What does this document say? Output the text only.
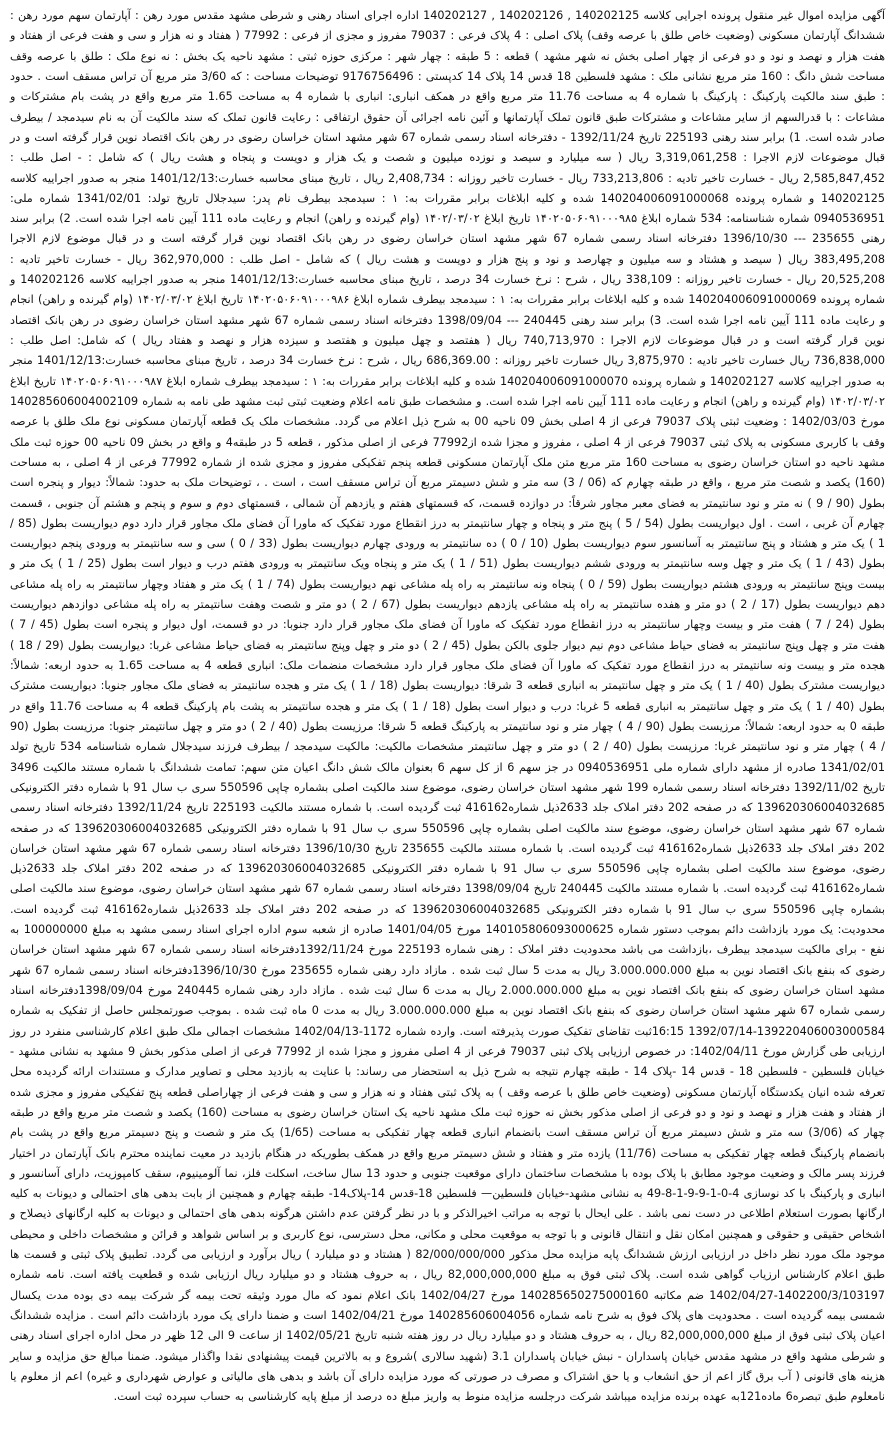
آگهی مزایده اموال غیر منقول پرونده اجرایی کلاسه 140202125 , 140202126 , 140202127 اداره اجرای اسناد رهنی و شرطی مشهد مقدس مورد رهن : آپارتمان سهم مورد رهن : ششدانگ آپارتمان مسکونی (وضعیت خاص طلق با عرصه وقف) پلاک اصلی : 4 پلاک فرعی : 79037 مفروز و مجزی از فرعی : 77992 ( هفتاد و نه هزار و سی و هفت فرعی از هفتاد و هفت هزار و نهصد و نود و دو فرعی از چهار اصلی بخش نه شهر مشهد ) قطعه : 5 طبقه : چهار شهر : مرکزی حوزه ثبتی : مشهد ناحیه یک بخش : نه نوع ملک : طلق با عرصه وقف مساحت شش دانگ : 160 متر مربع نشانی ملک : مشهد فلسطین 18 قدس 14 پلاک 14 کدپستی : 9176756496 توضیحات مساحت : که 3/60 متر مربع آن تراس مسقف است . حدود : طبق سند مالکیت پارکینگ : پارکینگ با شماره 4 به مساحت 11.76 متر مربع واقع در همکف انباری: انباری با شماره 4 به مساحت 1.65 متر مربع واقع در پشت بام مشترکات و مشاعات : با قدرالسهم از سایر مشاعات و مشترکات طبق قانون تملک آپارتمانها و آئین نامه اجرائی آن حقوق ارتفاقی : رعایت قانون تملک که سند مالکیت آن به نام سیدمجد / بیطرف صادر شده است. 1) برابر سند رهنی 225193 تاریخ 1392/11/24 - دفترخانه اسناد رسمی شماره 67 شهر مشهد استان خراسان رضوی در رهن بانک اقتصاد نوین قرار گرفته است و در قبال موضوعات لازم الاجرا : 3,319,061,258 ریال ( سه میلیارد و سیصد و نوزده میلیون و شصت و یک هزار و دویست و پنجاه و هشت ریال ) که شامل : - اصل طلب : 2,585,847,452 ریال - خسارت تاخیر تادیه : 733,213,806 ریال - خسارت تاخیر روزانه : 2,408,734 ریال ، تاریخ مبنای محاسبه خسارت:1401/12/13 منجر به صدور اجراییه کلاسه 140202125 و شماره پرونده 140204006091000068 شده و کلیه ابلاغات برابر مقررات به: ۱ : سیدمجد بیطرف نام پدر: سیدجلال تاریخ تولد: 1341/02/01 شماره ملی: 0940536951 شماره شناسنامه: 534 شماره ابلاغ ۱۴۰۲۰۵۰۶۰۹۱۰۰۰۹۸۵ تاریخ ابلاغ ۱۴۰۲/۰۳/۰۲ (وام گیرنده و راهن) انجام و رعایت ماده 111 آیین نامه اجرا شده است. 2) برابر سند رهنی 235655 --- 1396/10/30 دفترخانه اسناد رسمی شماره 67 شهر مشهد استان خراسان رضوی در رهن بانک اقتصاد نوین قرار گرفته است و در قبال موضوع لازم الاجرا 383,495,208 ریال ( سیصد و هشتاد و سه میلیون و چهارصد و نود و پنج هزار و دویست و هشت ریال ) که شامل - اصل طلب : 362,970,000 ریال - خسارت تاخیر تادیه : 20,525,208 ریال - خسارت تاخیر روزانه : 338,109 ریال ، شرح : نرخ خسارت 34 درصد ، تاریخ مبنای محاسبه خسارت:1401/12/13 منجر به صدور اجراییه کلاسه 140202126 و شماره پرونده 140204006091000069 شده و کلیه ابلاغات برابر مقررات به: ۱ : سیدمجد بیطرف شماره ابلاغ ۱۴۰۲۰۵۰۶۰۹۱۰۰۰۹۸۶ تاریخ ابلاغ ۱۴۰۲/۰۳/۰۲ (وام گیرنده و راهن) انجام و رعایت ماده 111 آیین نامه اجرا شده است. 3) برابر سند رهنی 240445 --- 1398/09/04 دفترخانه اسناد رسمی شماره 67 شهر مشهد استان خراسان رضوی در رهن بانک اقتصاد نوین قرار گرفته است و در قبال موضوعات لازم الاجرا : 740,713,970 ریال ( هفتصد و چهل میلیون و هفتصد و سیزده هزار و نهصد و هفتاد ریال ) که شامل: اصل طلب : 736,838,000 ریال خسارت تاخیر تادیه : 3,875,970 ریال خسارت تاخیر روزانه : 686,369.00 ریال ، شرح : نرخ خسارت 34 درصد ، تاریخ مبنای محاسبه خسارت:1401/12/13 منجر به صدور اجراییه کلاسه 140202127 و شماره پرونده 140204006091000070 شده و کلیه ابلاغات برابر مقررات به: ۱ : سیدمجد بیطرف شماره ابلاغ ۱۴۰۲۰۵۰۶۰۹۱۰۰۰۹۸۷ تاریخ ابلاغ ۱۴۰۲/۰۳/۰۲ (وام گیرنده و راهن) انجام و رعایت ماده 111 آیین نامه اجرا شده است. و مشخصات طبق نامه اعلام وضعیت ثبتی ثبت مشهد طی نامه به شماره 140285606004002109 مورخ 1402/03/03 : وضعیت ثبتی پلاک 79037 فرعی از 4 اصلی بخش 09 ناحیه 00 به شرح ذیل اعلام می گردد. مشخصات ملک یک قطعه آپارتمان مسکونی نوع ملک طلق با عرصه وقف با کاربری مسکونی به پلاک ثبتی 79037 فرعی از 4 اصلی ، مفروز و مجزا شده از77992 فرعی از اصلی مذکور ، قطعه 5 در طبقه4 و واقع در بخش 09 ناحیه 00 حوزه ثبت ملک مشهد ناحیه دو استان خراسان رضوی به مساحت 160 متر مربع متن ملک آپارتمان مسکونی قطعه پنجم تفکیکی مفروز و مجزی شده از شماره 77992 فرعی از 4 اصلی ، به مساحت (160) یکصد و شصت متر مربع ، واقع در طبقه چهارم که (06 / 3) سه متر و شش دسیمتر مربع آن تراس مسقف است ، است . ، توضیحات ملک به حدود: شمالاً: دیوار و پنجره است بطول (90 / 9 ) نه متر و نود سانتیمتر به فضای معبر مجاور شرقاً: در دوازده قسمت، که قسمتهای هفتم و یازدهم آن شمالی ، قسمتهای دوم و سوم و پنجم و هشتم آن جنوبی ، قسمت چهارم آن غربی ، است . اول دیواریست بطول (54 / 5 ) پنج متر و پنجاه و چهار سانتیمتر به درز انقطاع مورد تفکیک که ماورا آن فضای ملک مجاور قرار دارد دوم دیواریست بطول (85 / 1 ) یک متر و هشتاد و پنج سانتیمتر به آسانسور سوم دیواریست بطول (10 / 0 ) ده سانتیمتر به ورودی چهارم دیواریست بطول (33 / 0 ) سی و سه سانتیمتر به ورودی پنجم دیواریست بطول (43 / 1 ) یک متر و چهل وسه سانتیمتر به ورودی ششم دیواریست بطول (51 / 1 ) یک متر و پنجاه ویک سانتیمتر به ورودی هفتم درب و دیوار است بطول (25 / 1 ) یک متر و بیست وپنج سانتیمتر به ورودی هشتم دیواریست بطول (59 / 0 ) پنجاه ونه سانتیمتر به راه پله مشاعی نهم دیواریست بطول (74 / 1 ) یک متر و هفتاد وچهار سانتیمتر به راه پله مشاعی دهم دیواریست بطول (17 / 2 ) دو متر و هفده سانتیمتر به راه پله مشاعی یازدهم دیواریست بطول (67 / 2 ) دو متر و شصت وهفت سانتیمتر به راه پله مشاعی دوازدهم دیواریست بطول (24 / 7 ) هفت متر و بیست وچهار سانتیمتر به درز انقطاع مورد تفکیک که ماورا آن فضای ملک مجاور قرار دارد جنوبا: در دو قسمت، اول دیوار و پنجره است بطول (45 / 7 ) هفت متر و چهل وپنج سانتیمتر به فضای حیاط مشاعی دوم نیم دیوار جلوی بالکن بطول (45 / 2 ) دو متر و چهل وپنج سانتیمتر به فضای حیاط مشاعی غربا: دیواریست بطول (29 / 18 ) هجده متر و بیست ونه سانتیمتر به درز انقطاع مورد تفکیک که ماورا آن فضای ملک مجاور قرار دارد مشخصات منضمات ملک: انباری قطعه 4 به مساحت 1.65 به حدود اربعه: شمالاً: دیواریست مشترک بطول (40 / 1 ) یک متر و چهل سانتیمتر به انباری قطعه 3 شرقا: دیواریست بطول (18 / 1 ) یک متر و هجده سانتیمتر به فضای ملک مجاور جنوبا: دیواریست مشترک بطول (40 / 1 ) یک متر و چهل سانتیمتر به انباری قطعه 5 غربا: درب و دیوار است بطول (18 / 1 ) یک متر و هجده سانتیمتر به پشت بام پارکینگ قطعه 4 به مساحت 11.76 واقع در طبقه 0 به حدود اربعه: شمالاً: مرزیست بطول (90 / 4 ) چهار متر و نود سانتیمتر به پارکینگ قطعه 5 شرقا: مرزیست بطول (40 / 2 ) دو متر و چهل سانتیمتر جنوبا: مرزیست بطول (90 / 4 ) چهار متر و نود سانتیمتر غربا: مرزیست بطول (40 / 2 ) دو متر و چهل سانتیمتر مشخصات مالکیت: مالکیت سیدمجد / بیطرف فرزند سیدجلال شماره شناسنامه 534 تاریخ تولد 1341/02/01 صادره از مشهد دارای شماره ملی 0940536951 در جز سهم 6 از کل سهم 6 بعنوان مالک شش دانگ اعیان متن سهم: تمامت ششدانگ با شماره مستند مالکیت 3496 تاریخ 1392/11/02 دفترخانه اسناد رسمی شماره 199 شهر مشهد استان خراسان رضوی، موضوع سند مالکیت اصلی بشماره چاپی 550596 سری ب سال 91 با شماره دفتر الکترونیکی 139620306004032685 که در صفحه 202 دفتر املاک جلد 2633ذیل شماره416162 ثبت گردیده است. با شماره مستند مالکیت 225193 تاریخ 1392/11/24 دفترخانه اسناد رسمی شماره 67 شهر مشهد استان خراسان رضوی، موضوع سند مالکیت اصلی بشماره چاپی 550596 سری ب سال 91 با شماره دفتر الکترونیکی 139620306004032685 که در صفحه 202 دفتر املاک جلد 2633ذیل شماره416162 ثبت گردیده است. با شماره مستند مالکیت 235655 تاریخ 1396/10/30 دفترخانه اسناد رسمی شماره 67 شهر مشهد استان خراسان رضوی، موضوع سند مالکیت اصلی بشماره چاپی 550596 سری ب سال 91 با شماره دفتر الکترونیکی 139620306004032685 که در صفحه 202 دفتر املاک جلد 2633ذیل شماره416162 ثبت گردیده است. با شماره مستند مالکیت 240445 تاریخ 1398/09/04 دفترخانه اسناد رسمی شماره 67 شهر مشهد استان خراسان رضوی، موضوع سند مالکیت اصلی بشماره چاپی 550596 سری ب سال 91 با شماره دفتر الکترونیکی 139620306004032685 که در صفحه 202 دفتر املاک جلد 2633ذیل شماره416162 ثبت گردیده است. محدودیت: یک مورد بازداشت دائم بموجب دستور شماره 140105806093000625 مورخ 1401/04/05 صادره از شعبه سوم اداره اجرای اسناد رسمی مشهد به مبلغ 100000000 به نفع - برای مالکیت سیدمجد بیطرف ،بازداشت می باشد محدودیت دفتر املاک : رهنی شماره 225193 مورخ 1392/11/24دفترخانه اسناد رسمی شماره 67 شهر مشهد استان خراسان رضوی که بنفع بانک اقتصاد نوین به مبلغ 3.000.000.000 ریال به مدت 5 سال ثبت شده . مازاد دارد رهنی شماره 235655 مورخ 1396/10/30دفترخانه اسناد رسمی شماره 67 شهر مشهد استان خراسان رضوی که بنفع بانک اقتصاد نوین به مبلغ 2.000.000.000 ریال به مدت 6 سال ثبت شده . مازاد دارد رهنی شماره 240445 مورخ 1398/09/04دفترخانه اسناد رسمی شماره 67 شهر مشهد استان خراسان رضوی که بنفع بانک اقتصاد نوین به مبلغ 3.000.000.000 ریال به مدت 0 ماه ثبت شده . بموجب صورتمجلس حاصل از تفکیک به شماره 139220406003000584-1392/07/14 16:15ثبت تقاضای تفکیک صورت پذیرفته است. وارده شماره 1172-1402/04/13 مشخصات اجمالی ملک طبق اعلام کارشناسی منفرد در روز ارزیابی طی گزارش مورخ 1402/04/11: در خصوص ارزیابی پلاک ثبتی 79037 فرعی از 4 اصلی مفروز و مجزا شده از 77992 فرعی از اصلی مذکور بخش 9 مشهد به نشانی مشهد - خیابان فلسطین - فلسطین 18 - قدس 14 -پلاک 14 - طبقه چهارم نتیجه به شرح ذیل به استحضار می رساند: با عنایت به بازدید محلی و تصاویر مدارک و مستندات ارائه گردیده محل تعرفه شده انیان یکدستگاه آپارتمان مسکونی (وضعیت خاص طلق با عرصه وقف ) به پلاک ثبتی هفتاد و نه هزار و سی و هفت فرعی از چهاراصلی قطعه پنج تفکیکی مفروز و مجزی شده از هفتاد و هفت هزار و نهصد و نود و دو فرعی از اصلی مذکور بخش نه حوزه ثبت ملک مشهد ناحیه یک استان خراسان رضوی به مساحت (160) یکصد و شصت متر مربع واقع در طبقه چهار که (3/06) سه متر و شش دسیمتر مربع آن تراس مسقف است بانضمام انباری قطعه چهار تفکیکی به مساحت (1/65) یک متر و شصت و پنج دسیمتر مربع واقع در پشت بام بانضمام پارکینگ قطعه چهار تفکیکی به مساحت (11/76) یازده متر و هفتاد و شش دسیمتر مربع واقع در همکف بطوریکه در هنگام بازدید در معیت نماینده محترم بانک آپارتمان در اختیار فرزند پسر مالک و وضعیت موجود مطابق با پلاک بوده با مشخصات ساختمان دارای موقعیت جنوبی و حدود 13 سال ساخت، اسکلت فلز، نما آلومینیوم، سقف کامپوزیت، دارای آسانسور و انباری و پارکینگ با کد نوسازی 4-0-1-9-9-1-8-49 به نشانی مشهد-خیابان فلسطین— فلسطین 18-قدس 14-پلاک14- طبقه چهارم و همچنین از بابت بدهی های احتمالی و دیونات به کلیه ارگانها بصورت استعلام اطلاعی در دست نمی باشد . علی ایحال با توجه به مراتب اخیرالذکر و با در نظر گرفتن عدم داشتن هرگونه بدهی های احتمالی و دیونات به کلیه ارگانهای ذیصلاح و اشخاص حقیقی و حقوقی و همچنین امکان نقل و انتقال قانونی و با توجه به موقعیت محلی و مکانی، محل دسترسی، نوع کاربری و بر اساس شواهد و قرائن و مشخصات داخلی و محیطی موجود ملک مورد نظر داخل در ارزیابی ارزش ششدانگ پایه مزایده محل مذکور 82/000/000/000 ( هشتاد و دو میلیارد ) ریال برآورد و ارزیابی می گردد. تطبیق پلاک ثبتی و قسمت ها طبق اعلام کارشناس ارزیاب گواهی شده است. پلاک ثبتی فوق به مبلغ 82,000,000,000 ریال ، به حروف هشتاد و دو میلیارد ریال ارزیابی شده و قطعیت یافته است. نامه شماره 1402200/3/103197-1402/04/27 ضم مکاتبه 140285650275000160 مورخ 1402/04/27 بانک اعلام نمود که مال مورد وثیقه تحت بیمه گر شرکت بیمه دی بوده مدت یکسال شمسی بیمه گردیده است . محدودیت های پلاک فوق به شرح نامه شماره 140285606004056 مورخ 1402/04/21 است و ضمنا دارای یک مورد بازداشت دائم است . مزایده ششدانگ اعیان پلاک ثبتی فوق از مبلغ 82,000,000,000 ریال ، به حروف هشتاد و دو میلیارد ریال در روز هفته شنبه تاریخ 1402/05/21 از ساعت 9 الی 12 ظهر در محل اداره اجرای اسناد رهنی و شرطی مشهد واقع در مشهد مقدس خیابان پاسداران - نبش خیابان پاسداران 3.1 (شهید سالاری )شروع و به بالاترین قیمت پیشنهادی نقدا واگذار میشود. ضمنا مبالغ حق مزایده و سایر هزینه های قانونی ( آب برق گاز اعم از حق انشعاب و یا حق اشتراک و مصرف در صورتی که مورد مزایده دارای آن باشد و بدهی های مالیاتی و عوارض شهرداری و غیره) اعم از معلوم یا نامعلوم طبق تبصره6 ماده121به عهده برنده مزایده میباشد شرکت درجلسه مزایده منوط به واریز مبلغ ده درصد از مبلغ پایه کارشناسی به حساب سپرده ثبت است.
